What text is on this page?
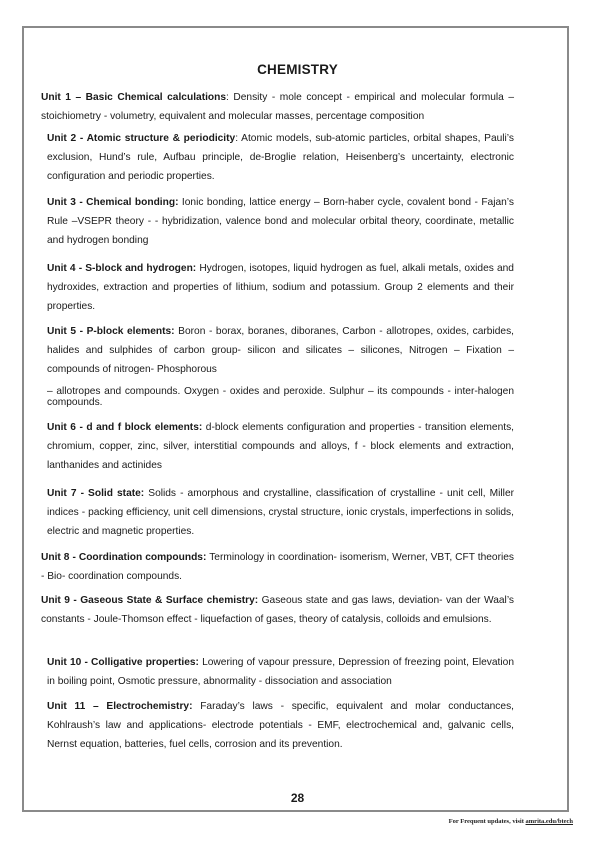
CHEMISTRY
Unit 1 – Basic Chemical calculations: Density - mole concept - empirical and molecular formula – stoichiometry - volumetry, equivalent and molecular masses, percentage composition
Unit 2 - Atomic structure & periodicity: Atomic models, sub-atomic particles, orbital shapes, Pauli’s exclusion, Hund’s rule, Aufbau principle, de-Broglie relation, Heisenberg’s uncertainty, electronic configuration and periodic properties.
Unit 3 - Chemical bonding: Ionic bonding, lattice energy – Born-haber cycle, covalent bond - Fajan’s Rule –VSEPR theory - - hybridization, valence bond and molecular orbital theory, coordinate, metallic and hydrogen bonding
Unit 4 - S-block and hydrogen: Hydrogen, isotopes, liquid hydrogen as fuel, alkali metals, oxides and hydroxides, extraction and properties of lithium, sodium and potassium. Group 2 elements and their properties.
Unit 5 - P-block elements: Boron - borax, boranes, diboranes, Carbon - allotropes, oxides, carbides, halides and sulphides of carbon group- silicon and silicates – silicones, Nitrogen – Fixation – compounds of nitrogen- Phosphorous
– allotropes and compounds. Oxygen - oxides and peroxide. Sulphur – its compounds - inter-halogen compounds.
Unit 6 - d and f block elements: d-block elements configuration and properties - transition elements, chromium, copper, zinc, silver, interstitial compounds and alloys, f - block elements and extraction, lanthanides and actinides
Unit 7 - Solid state: Solids - amorphous and crystalline, classification of crystalline - unit cell, Miller indices - packing efficiency, unit cell dimensions, crystal structure, ionic crystals, imperfections in solids, electric and magnetic properties.
Unit 8 - Coordination compounds: Terminology in coordination- isomerism, Werner, VBT, CFT theories - Bio- coordination compounds.
Unit 9 - Gaseous State & Surface chemistry: Gaseous state and gas laws, deviation- van der Waal’s constants - Joule-Thomson effect - liquefaction of gases, theory of catalysis, colloids and emulsions.
Unit 10 - Colligative properties: Lowering of vapour pressure, Depression of freezing point, Elevation in boiling point, Osmotic pressure, abnormality - dissociation and association
Unit 11 – Electrochemistry: Faraday’s laws - specific, equivalent and molar conductances, Kohlraush’s law and applications- electrode potentials - EMF, electrochemical and, galvanic cells, Nernst equation, batteries, fuel cells, corrosion and its prevention.
28
For Frequent updates, visit amrita.edu/btech
